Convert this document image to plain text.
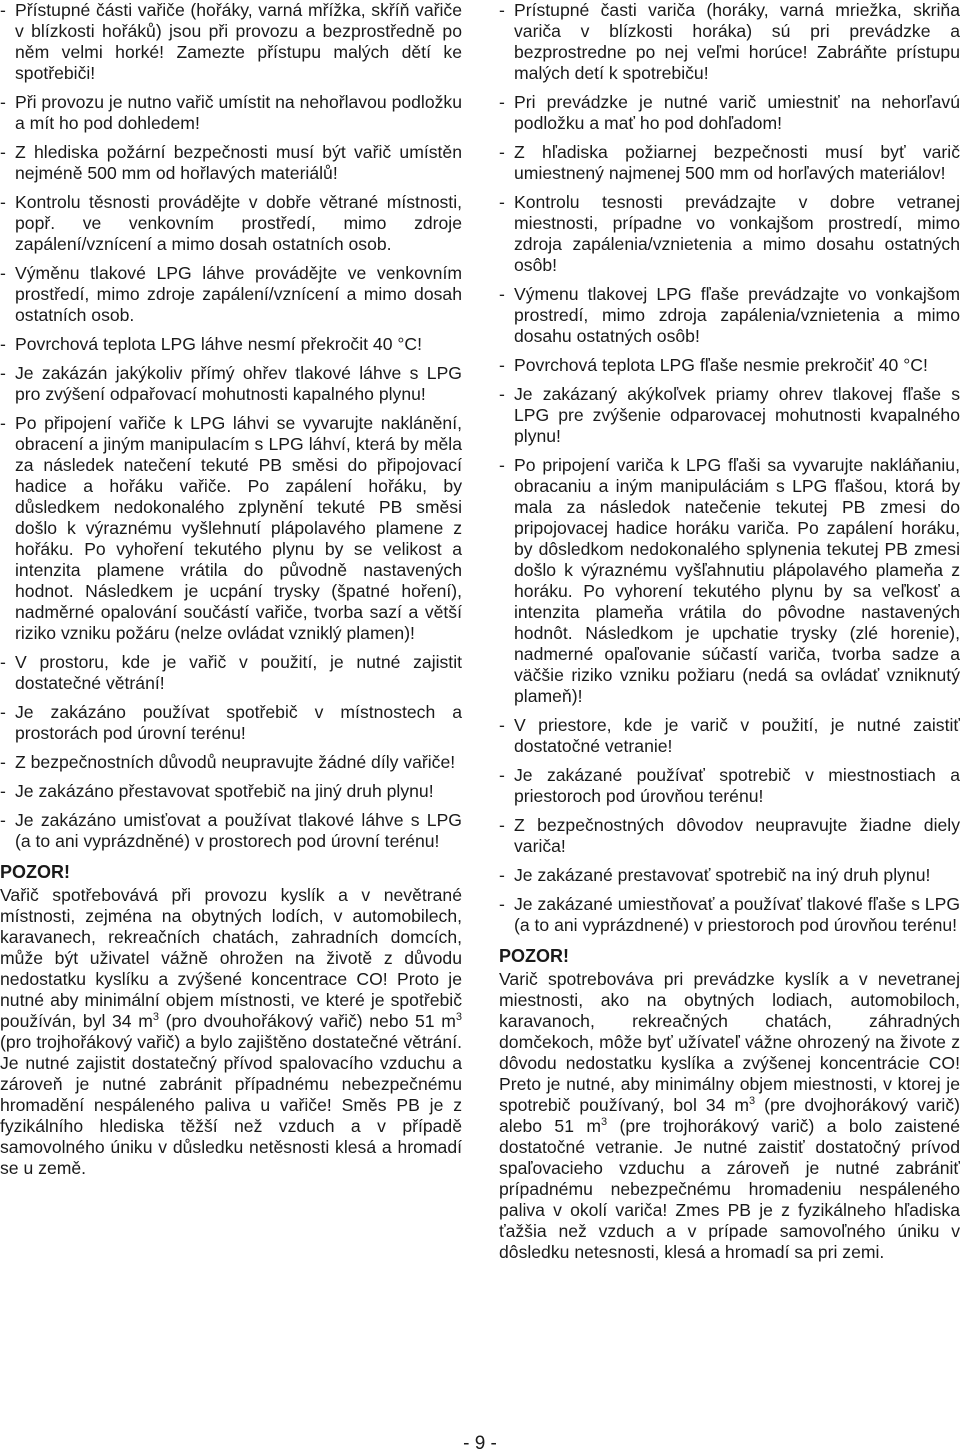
- Přístupné části vařiče (hořáky, varná mřížka, skříň vařiče v blízkosti hořáků) jsou při provozu a bezprostředně po něm velmi horké! Zamezte přístupu malých dětí ke spotřebiči!
- Při provozu je nutno vařič umístit na nehořlavou podložku a mít ho pod dohledem!
- Z hlediska požární bezpečnosti musí být vařič umístěn nejméně 500 mm od hořlavých materiálů!
- Kontrolu těsnosti provádějte v dobře větrané místnosti, popř. ve venkovním prostředí, mimo zdroje zapálení/vznícení a mimo dosah ostatních osob.
- Výměnu tlakové LPG láhve provádějte ve venkovním prostředí, mimo zdroje zapálení/vznícení a mimo dosah ostatních osob.
- Povrchová teplota LPG láhve nesmí překročit 40 °C!
- Je zakázán jakýkoliv přímý ohřev tlakové láhve s LPG pro zvýšení odpařovací mohutnosti kapalného plynu!
- Po připojení vařiče k LPG láhvi se vyvarujte naklánění, obracení a jiným manipulacím s LPG láhví, která by měla za následek natečení tekuté PB směsi do připojovací hadice a hořáku vařiče. Po zapálení hořáku, by důsledkem nedokonalého zplynění tekuté PB směsi došlo k výraznému vyšlehnutí plápolavého plamene z hořáku. Po vyhoření tekutého plynu by se velikost a intenzita plamene vrátila do původně nastavených hodnot. Následkem je ucpání trysky (špatné hoření), nadměrné opalování součástí vařiče, tvorba sazí a větší riziko vzniku požáru (nelze ovládat vzniklý plamen)!
- V prostoru, kde je vařič v použití, je nutné zajistit dostatečné větrání!
- Je zakázáno používat spotřebič v místnostech a prostorách pod úrovní terénu!
- Z bezpečnostních důvodů neupravujte žádné díly vařiče!
- Je zakázáno přestavovat spotřebič na jiný druh plynu!
- Je zakázáno umisťovat a používat tlakové láhve s LPG (a to ani vyprázdněné) v prostorech pod úrovní terénu!
POZOR!

Vařič spotřebovává při provozu kyslík a v nevětrané místnosti, zejména na obytných lodích, v automobilech, karavanech, rekreačních chatách, zahradních domcích, může být uživatel vážně ohrožen na životě z důvodu nedostatku kyslíku a zvýšené koncentrace CO! Proto je nutné aby minimální objem místnosti, ve které je spotřebič používán, byl 34 $m^3$ (pro dvouhořákový vařič) nebo 51 $m^3$ (pro trojhořákový vařič) a bylo zajištěno dostatečné větrání. Je nutné zajistit dostatečný přívod spalovacího vzduchu a zároveň je nutné zabránit případnému nebezpečnému hromadění nespáleného paliva u vařiče! Směs PB je z fyzikálního hlediska těžší než vzduch a v případě samovolného úniku v důsledku netěsnosti klesá a hromadí se u země.

- Prístupné časti variča (horáky, varná mriežka, skriňa variča v blízkosti horáka) sú pri prevádzke a bezprostredne po nej veľmi horúce! Zabráňte prístupu malých detí k spotrebiču!
- Pri prevádzke je nutné varič umiestniť na nehorľavú podložku a mať ho pod dohľadom!
- Z hľadiska požiarnej bezpečnosti musí byť varič umiestnený najmenej 500 mm od horľavých materiálov!
- Kontrolu tesnosti prevádzajte v dobre vetranej miestnosti, prípadne vo vonkajšom prostredí, mimo zdroja zapálenia/vznietenia a mimo dosahu ostatných osôb!
- Výmenu tlakovej LPG fľaše prevádzajte vo vonkajšom prostredí, mimo zdroja zapálenia/vznietenia a mimo dosahu ostatných osôb!
- Povrchová teplota LPG fľaše nesmie prekročiť 40 °C!
- Je zakázaný akýkoľvek priamy ohrev tlakovej fľaše s LPG pre zvýšenie odparovacej mohutnosti kvapalného plynu!
- Po pripojení variča k LPG fľaši sa vyvarujte nakláňaniu, obracaniu a iným manipuláciám s LPG fľašou, ktorá by mala za následok natečenie tekutej PB zmesi do pripojovacej hadice horáku variča. Po zapálení horáku, by dôsledkom nedokonalého splynenia tekutej PB zmesi došlo k výraznému vyšľahnutiu plápolavého plameňa z horáku. Po vyhorení tekutého plynu by sa veľkosť a intenzita plameňa vrátila do pôvodne nastavených hodnôt. Následkom je upchatie trysky (zlé horenie), nadmerné opaľovanie súčastí variča, tvorba sadze a väčšie riziko vzniku požiaru (nedá sa ovládať vzniknutý plameň)!
- V priestore, kde je varič v použití, je nutné zaistiť dostatočné vetranie!
- Je zakázané používať spotrebič v miestnostiach a priestoroch pod úrovňou terénu!
- Z bezpečnostných dôvodov neupravujte žiadne diely variča!
- Je zakázané prestavovať spotrebič na iný druh plynu!
- Je zakázané umiestňovať a používať tlakové fľaše s LPG (a to ani vyprázdnené) v priestoroch pod úrovňou terénu!
POZOR!

Varič spotrebováva pri prevádzke kyslík a v nevetranej miestnosti, ako na obytných lodiach, automobiloch, karavanoch, rekreačných chatách, záhradných domčekoch, môže byť užívateľ vážne ohrozený na živote z dôvodu nedostatku kyslíka a zvýšenej koncentrácie CO! Preto je nutné, aby minimálny objem miestnosti, v ktorej je spotrebič používaný, bol 34 $m^3$ (pre dvojhorákový varič) alebo 51 $m^3$ (pre trojhorákový varič) a bolo zaistené dostatočné vetranie. Je nutné zaistiť dostatočný prívod spaľovacieho vzduchu a zároveň je nutné zabrániť prípadnému nebezpečnému hromadeniu nespáleného paliva v okolí variča! Zmes PB je z fyzikálneho hľadiska ťažšia než vzduch a v prípade samovoľného úniku v dôsledku netesnosti, klesá a hromadí sa pri zemi.

- 9 -
